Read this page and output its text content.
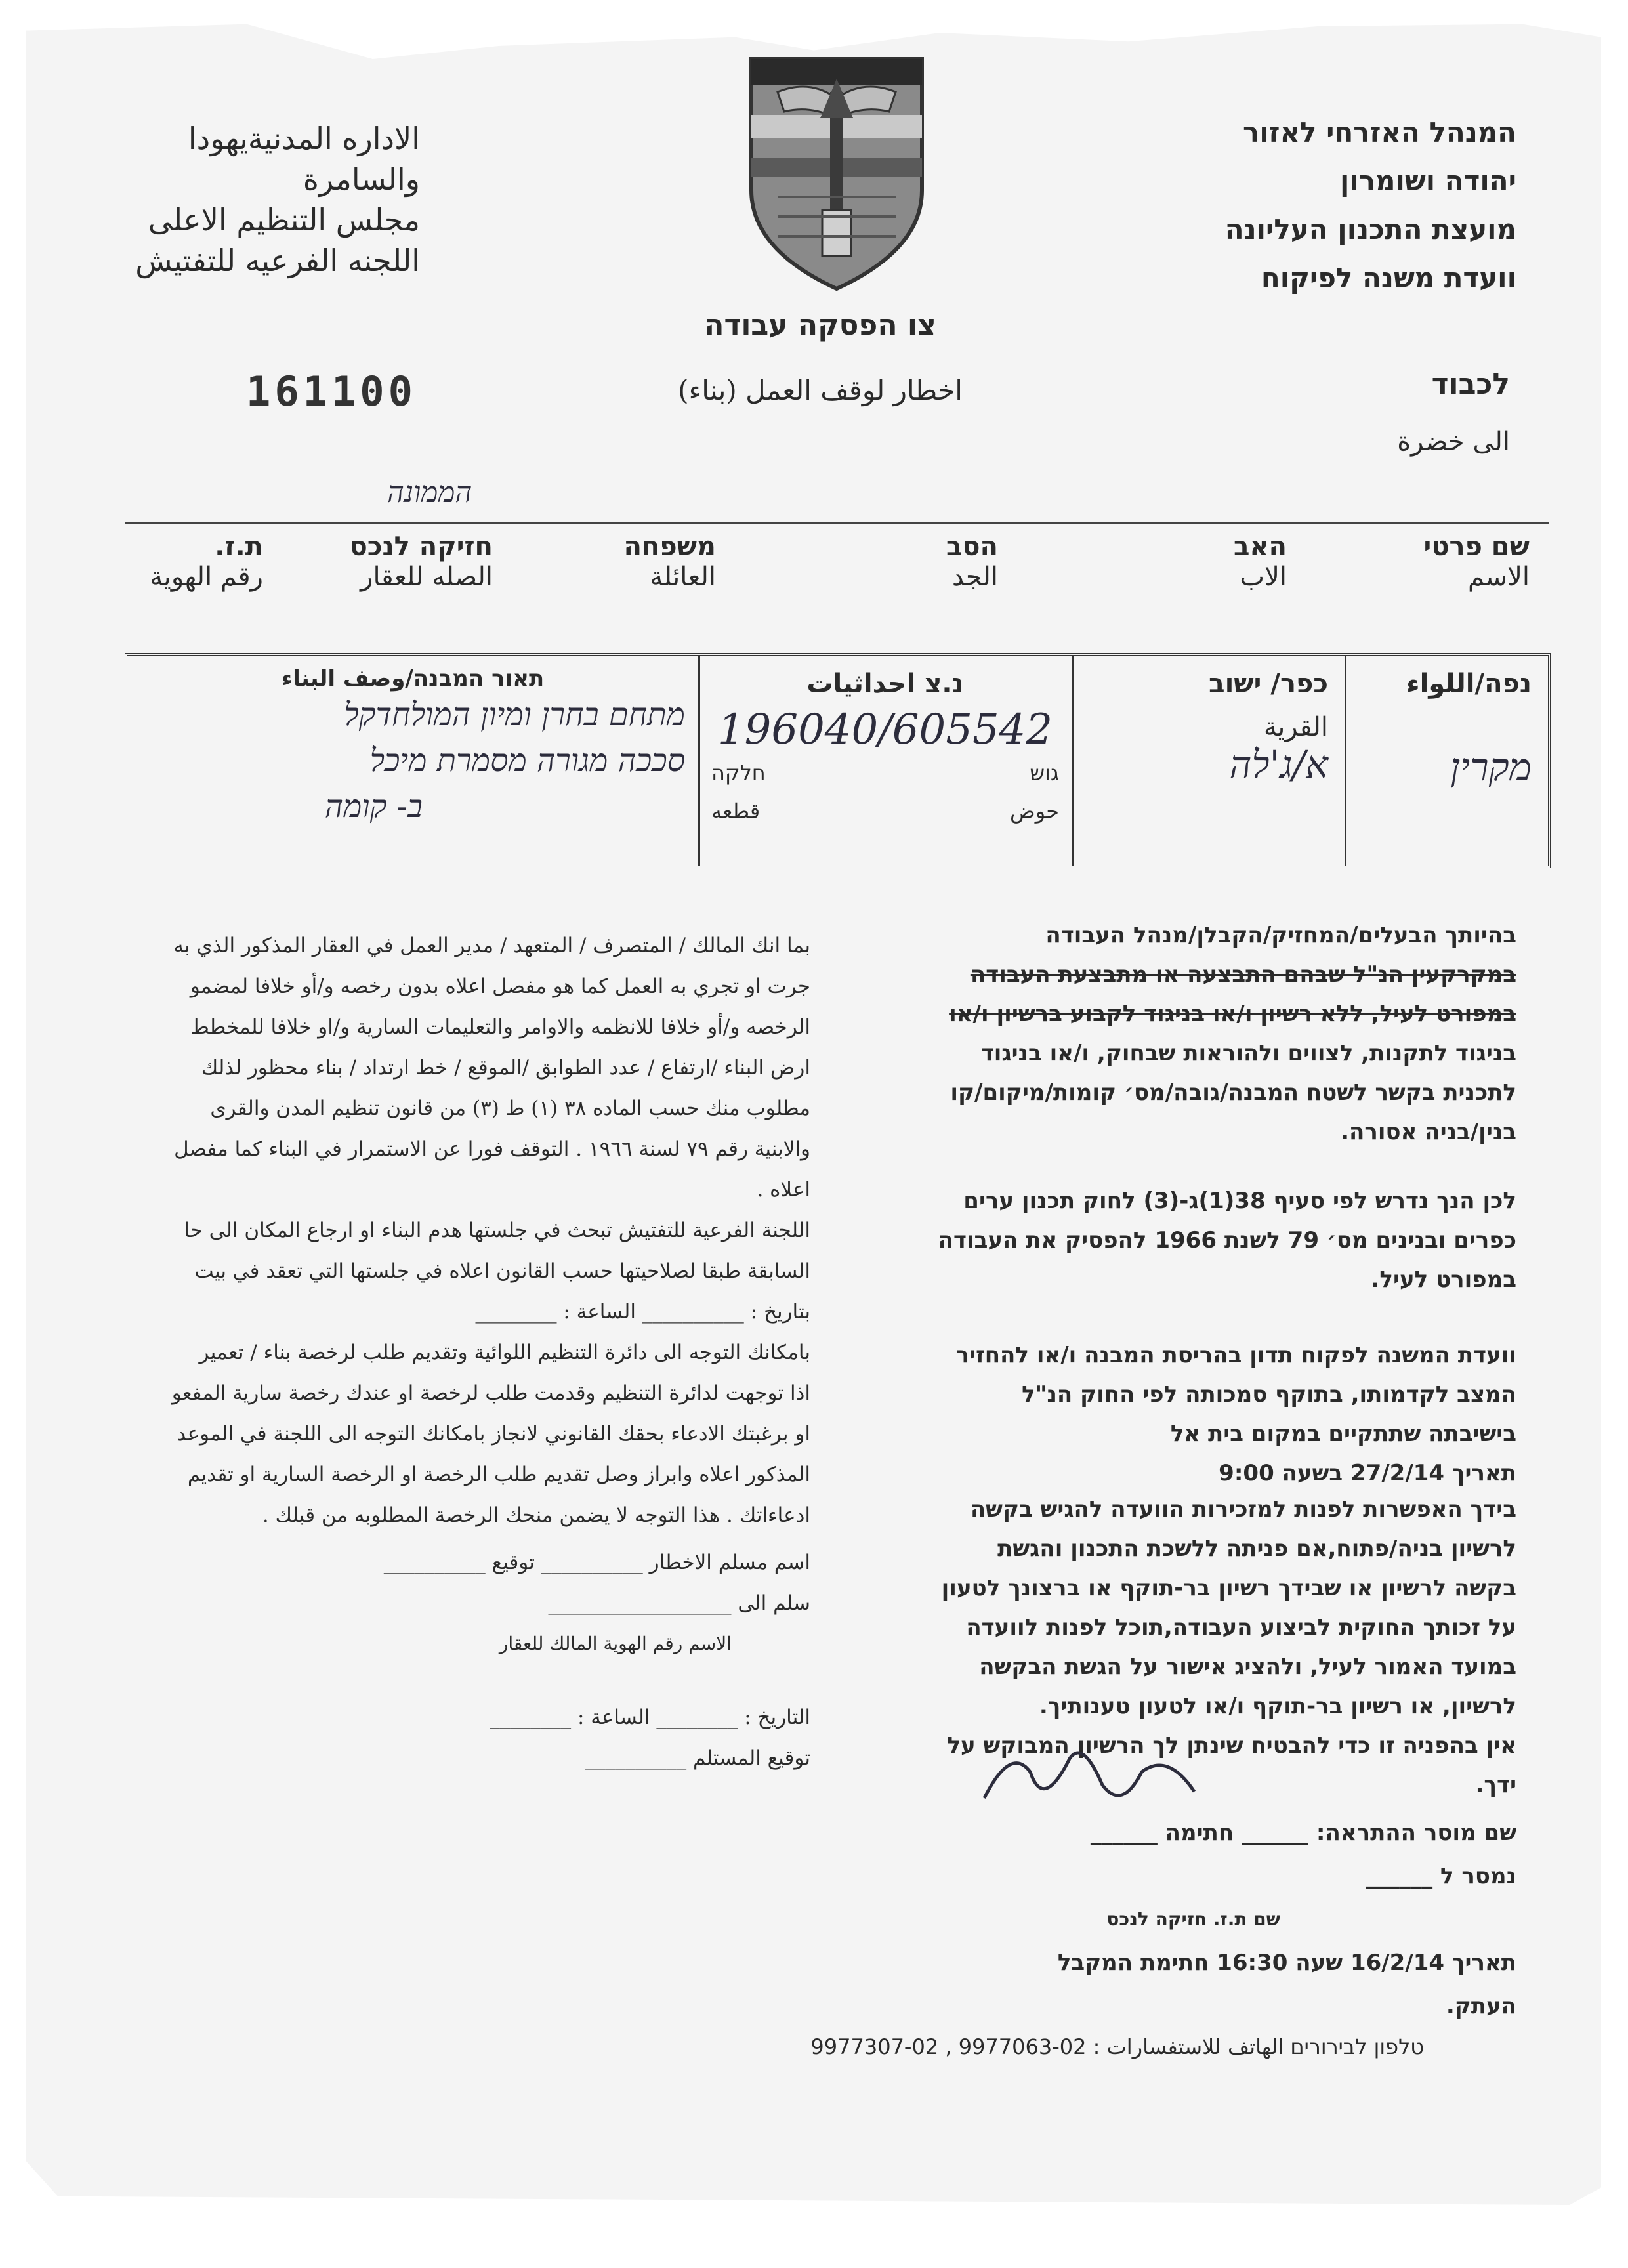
המנהל האזרחי לאזור
יהודה ושומרון
מועצת התכנון העליונה
וועדת משנה לפיקוח
الاداره المدنيةيهودا
والسامرة
مجلس التنظيم الاعلى
اللجنه الفرعيه للتفتيش
צו הפסקה עבודה
اخطار لوقف العمل (بناء)
161100	לכבוד
الى خضرة
הממונה
שם פרטי
الاسم
האב
الاب
הסב
الجد
משפחה
العائلة
חזיקה לנכס
الصله للعقار
ת.ז.
رقم الهوية
נפה/اللواء
מקרין
כפר/ ישוב
القرية
א/ג'לה
נ.צ احداثيات
196040/605542
גוש
חלקה
حوض
قطعه
תאור המבנה/وصف البناء
מתחם בחרן ומיון המולחדקל
סככה מגורה מסמרת מיכל
ב- קומה
בהיותך הבעלים/המחזיק/הקבלן/מנהל העבודה
במקרקעין הנ"ל שבהם התבצעה או מתבצעת העבודה
במפורט לעיל, ללא רשיון ו/או בניגוד לקבוע ברשיון ו/או
בניגוד לתקנות, לצווים ולהוראות שבחוק, ו/או בניגוד
לתכנית בקשר לשטח המבנה/גובה/מס׳ קומות/מיקום/קו
בנין/בניה אסורה.
לכן הנך נדרש לפי סעיף 38(1)ג-(3) לחוק תכנון ערים
כפרים ובנינים מס׳ 79 לשנת 1966 להפסיק את העבודה
במפורט לעיל.
וועדת המשנה לפקוח תדון בהריסת המבנה ו/או להחזיר
המצב לקדמותו, בתוקף סמכותה לפי החוק הנ"ל
בישיבתה שתתקיים במקום בית אל
תאריך 27/2/14 בשעה 9:00
בידך האפשרות לפנות למזכירות הוועדה להגיש בקשה
לרשיון בניה/פתוח,אם פניתה ללשכת התכנון והגשת
בקשה לרשיון או שבידך רשיון בר-תוקף או ברצונך לטעון
על זכותך החוקית לביצוע העבודה,תוכל לפנות לוועדה
במועד האמור לעיל, ולהציג אישור על הגשת הבקשה
לרשיון, או רשיון בר-תוקף ו/או לטעון טענותיך.
אין בהפניה זו כדי להבטיח שינתן לך הרשיון המבוקש על
ידך.
שם מוסר ההתראה: ______ חתימה ______
נמסר ל ______
שם ת.ז. חזיקה לנכס
תאריך 16/2/14 שעה 16:30 חתימת המקבל
העתק.
بما انك المالك / المتصرف / المتعهد / مدير العمل في العقار المذكور الذي به
جرت او تجري به العمل كما هو مفصل اعلاه بدون رخصه و/أو خلافا لمضمو
الرخصه و/أو خلافا للانظمه والاوامر والتعليمات السارية و/او خلافا للمخطط
ارض البناء /ارتفاع / عدد الطوابق /الموقع / خط ارتداد / بناء محظور لذلك
مطلوب منك حسب الماده ٣٨ (١) ط (٣) من قانون تنظيم المدن والقرى
والابنية رقم ٧٩ لسنة ١٩٦٦ . التوقف فورا عن الاستمرار في البناء كما مفصل
اعلاه .
اللجنة الفرعية للتفتيش تبحث في جلستها هدم البناء او ارجاع المكان الى حا
السابقة طبقا لصلاحيتها حسب القانون اعلاه في جلستها التي تعقد في بيت
بتاريخ : __________ الساعة : ________
بامكانك التوجه الى دائرة التنظيم اللوائية وتقديم طلب لرخصة بناء / تعمير
اذا توجهت لدائرة التنظيم وقدمت طلب لرخصة او عندك رخصة سارية المفعو
او برغبتك الادعاء بحقك القانوني لانجاز بامكانك التوجه الى اللجنة في الموعد
المذكور اعلاه وابراز وصل تقديم طلب الرخصة او الرخصة السارية او تقديم
ادعاءاتك . هذا التوجه لا يضمن منحك الرخصة المطلوبه من قبلك .
اسم مسلم الاخطار __________ توقيع __________
سلم الى __________________
الاسم رقم الهوية المالك للعقار
التاريخ : ________ الساعة : ________
توقيع المستلم __________
טלפון לבירורים الهاتف للاستفسارات : 02-9977063 , 02-9977307
